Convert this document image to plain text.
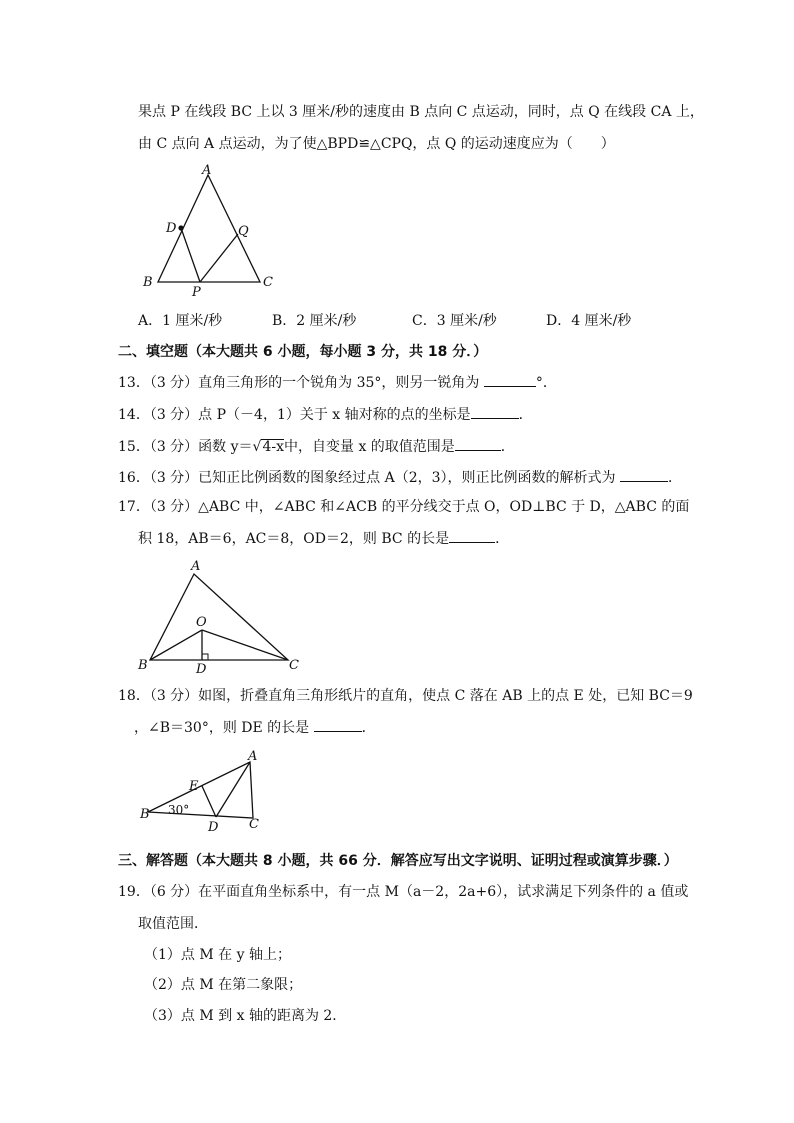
果点 P 在线段 BC 上以 3 厘米/秒的速度由 B 点向 C 点运动，同时，点 Q 在线段 CA 上，
由 C 点向 A 点运动，为了使△BPD≌△CPQ，点 Q 的运动速度应为（　　）
A
D	Q
B
P
C
A．1 厘米/秒	B．2 厘米/秒	C．3 厘米/秒	D．4 厘米/秒
二、填空题（本大题共 6 小题，每小题 3 分，共 18 分．）
13．（3 分）直角三角形的一个锐角为 35°，则另一锐角为	°．
14．（3 分）点 P（－4，1）关于 x 轴对称的点的坐标是	．
15．（3 分）函数 y＝√4-x中，自变量 x 的取值范围是	．
16．（3 分）已知正比例函数的图象经过点 A（2，3），则正比例函数的解析式为	．
17．（3 分）△ABC 中，∠ABC 和∠ACB 的平分线交于点 O，OD⊥BC 于 D，△ABC 的面
积 18，AB＝6，AC＝8，OD＝2，则 BC 的长是	．
A
O
B	D	C
18．（3 分）如图，折叠直角三角形纸片的直角，使点 C 落在 AB 上的点 E 处，已知 BC＝9
，∠B＝30°，则 DE 的长是	．
A
E
30°
B
D C
三、解答题（本大题共 8 小题，共 66 分．解答应写出文字说明、证明过程或演算步骤．）
19．（6 分）在平面直角坐标系中，有一点 M（a－2，2a+6），试求满足下列条件的 a 值或
取值范围．
（1）点 M 在 y 轴上；
（2）点 M 在第二象限；
（3）点 M 到 x 轴的距离为 2．
